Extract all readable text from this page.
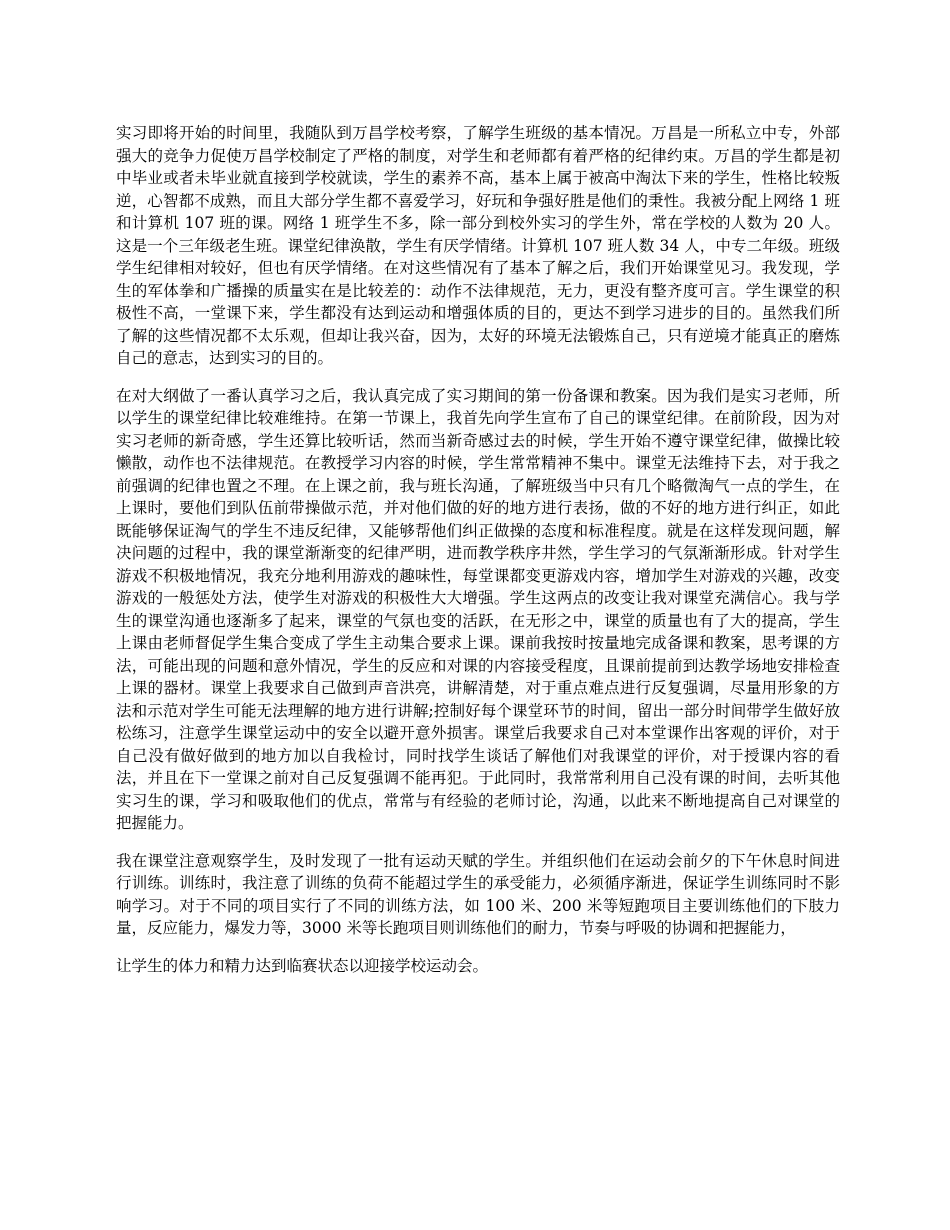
实习即将开始的时间里，我随队到万昌学校考察，了解学生班级的基本情况。万昌是一所私立中专，外部强大的竞争力促使万昌学校制定了严格的制度，对学生和老师都有着严格的纪律约束。万昌的学生都是初中毕业或者未毕业就直接到学校就读，学生的素养不高，基本上属于被高中淘汰下来的学生，性格比较叛逆，心智都不成熟，而且大部分学生都不喜爱学习，好玩和争强好胜是他们的秉性。我被分配上网络 1 班和计算机 107 班的课。网络 1 班学生不多，除一部分到校外实习的学生外，常在学校的人数为 20 人。这是一个三年级老生班。课堂纪律涣散，学生有厌学情绪。计算机 107 班人数 34 人，中专二年级。班级学生纪律相对较好，但也有厌学情绪。在对这些情况有了基本了解之后，我们开始课堂见习。我发现，学生的军体拳和广播操的质量实在是比较差的：动作不法律规范，无力，更没有整齐度可言。学生课堂的积极性不高，一堂课下来，学生都没有达到运动和增强体质的目的，更达不到学习进步的目的。虽然我们所了解的这些情况都不太乐观，但却让我兴奋，因为，太好的环境无法锻炼自己，只有逆境才能真正的磨炼自己的意志，达到实习的目的。

在对大纲做了一番认真学习之后，我认真完成了实习期间的第一份备课和教案。因为我们是实习老师，所以学生的课堂纪律比较难维持。在第一节课上，我首先向学生宣布了自己的课堂纪律。在前阶段，因为对实习老师的新奇感，学生还算比较听话，然而当新奇感过去的时候，学生开始不遵守课堂纪律，做操比较懒散，动作也不法律规范。在教授学习内容的时候，学生常常精神不集中。课堂无法维持下去，对于我之前强调的纪律也置之不理。在上课之前，我与班长沟通，了解班级当中只有几个略微淘气一点的学生，在上课时，要他们到队伍前带操做示范，并对他们做的好的地方进行表扬，做的不好的地方进行纠正，如此既能够保证淘气的学生不违反纪律，又能够帮他们纠正做操的态度和标准程度。就是在这样发现问题，解决问题的过程中，我的课堂渐渐变的纪律严明，进而教学秩序井然，学生学习的气氛渐渐形成。针对学生游戏不积极地情况，我充分地利用游戏的趣味性，每堂课都变更游戏内容，增加学生对游戏的兴趣，改变游戏的一般惩处方法，使学生对游戏的积极性大大增强。学生这两点的改变让我对课堂充满信心。我与学生的课堂沟通也逐渐多了起来，课堂的气氛也变的活跃，在无形之中，课堂的质量也有了大的提高，学生上课由老师督促学生集合变成了学生主动集合要求上课。课前我按时按量地完成备课和教案，思考课的方法，可能出现的问题和意外情况，学生的反应和对课的内容接受程度，且课前提前到达教学场地安排检查上课的器材。课堂上我要求自己做到声音洪亮，讲解清楚，对于重点难点进行反复强调，尽量用形象的方法和示范对学生可能无法理解的地方进行讲解;控制好每个课堂环节的时间，留出一部分时间带学生做好放松练习，注意学生课堂运动中的安全以避开意外损害。课堂后我要求自己对本堂课作出客观的评价，对于自己没有做好做到的地方加以自我检讨，同时找学生谈话了解他们对我课堂的评价，对于授课内容的看法，并且在下一堂课之前对自己反复强调不能再犯。于此同时，我常常利用自己没有课的时间，去听其他实习生的课，学习和吸取他们的优点，常常与有经验的老师讨论，沟通，以此来不断地提高自己对课堂的把握能力。

我在课堂注意观察学生，及时发现了一批有运动天赋的学生。并组织他们在运动会前夕的下午休息时间进行训练。训练时，我注意了训练的负荷不能超过学生的承受能力，必须循序渐进，保证学生训练同时不影响学习。对于不同的项目实行了不同的训练方法，如 100 米、200 米等短跑项目主要训练他们的下肢力量，反应能力，爆发力等，3000 米等长跑项目则训练他们的耐力，节奏与呼吸的协调和把握能力，

让学生的体力和精力达到临赛状态以迎接学校运动会。
